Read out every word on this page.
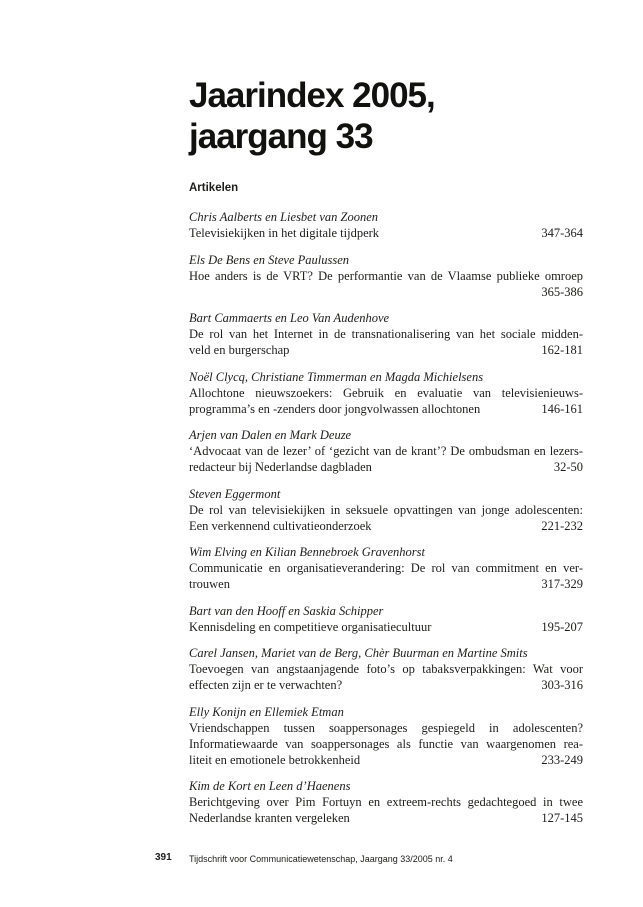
Jaarindex 2005,
jaargang 33
Artikelen
Chris Aalberts en Liesbet van Zoonen
Televisiekijken in het digitale tijdperk	347-364
Els De Bens en Steve Paulussen
Hoe anders is de VRT? De performantie van de Vlaamse publieke omroep
365-386
Bart Cammaerts en Leo Van Audenhove
De rol van het Internet in de transnationalisering van het sociale midden-
veld en burgerschap	162-181
Noël Clycq, Christiane Timmerman en Magda Michielsens
Allochtone nieuwszoekers: Gebruik en evaluatie van televisienieuws-
programma’s en -zenders door jongvolwassen allochtonen	146-161
Arjen van Dalen en Mark Deuze
‘Advocaat van de lezer’ of ‘gezicht van de krant’? De ombudsman en lezers-
redacteur bij Nederlandse dagbladen	32-50
Steven Eggermont
De rol van televisiekijken in seksuele opvattingen van jonge adolescenten:
Een verkennend cultivatieonderzoek	221-232
Wim Elving en Kilian Bennebroek Gravenhorst
Communicatie en organisatieverandering: De rol van commitment en ver-
trouwen	317-329
Bart van den Hooff en Saskia Schipper
Kennisdeling en competitieve organisatiecultuur	195-207
Carel Jansen, Mariet van de Berg, Chèr Buurman en Martine Smits
Toevoegen van angstaanjagende foto’s op tabaksverpakkingen: Wat voor
effecten zijn er te verwachten?	303-316
Elly Konijn en Ellemiek Etman
Vriendschappen tussen soappersonages gespiegeld in adolescenten?
Informatiewaarde van soappersonages als functie van waargenomen rea-
liteit en emotionele betrokkenheid	233-249
Kim de Kort en Leen d’Haenens
Berichtgeving over Pim Fortuyn en extreem-rechts gedachtegoed in twee
Nederlandse kranten vergeleken	127-145
391 Tijdschrift voor Communicatiewetenschap, Jaargang 33/2005 nr. 4
